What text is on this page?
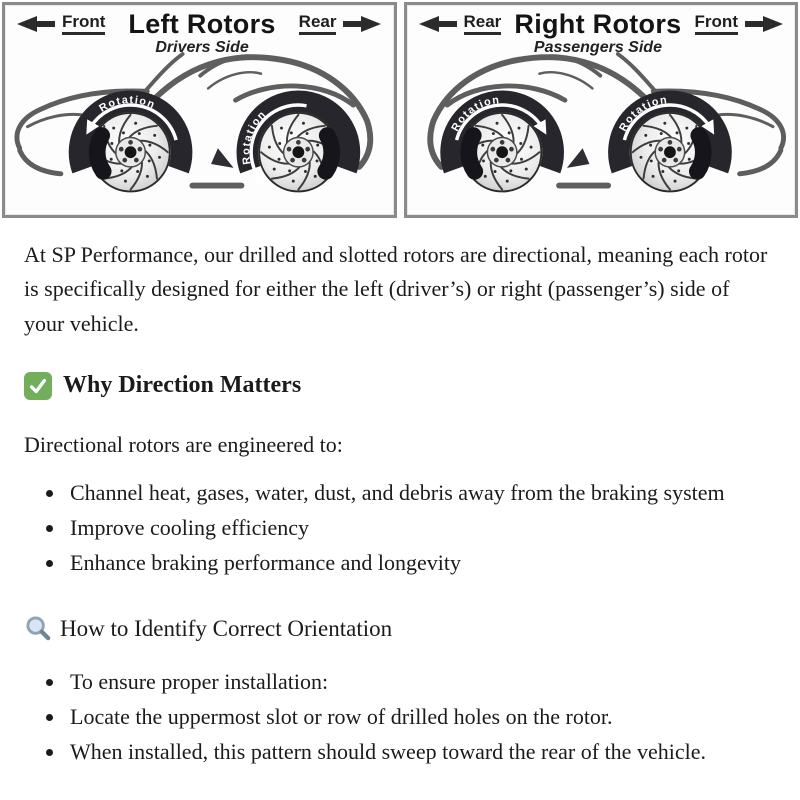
Rotation
Rotation
Front Left Rotors
Drivers Side
Rear
Rotation
Rotation
Rear Right Rotors
Passengers Side
Front

At SP Performance, our drilled and slotted rotors are directional, meaning each rotor is specifically designed for either the left (driver’s) or right (passenger’s) side of your vehicle.

Why Direction Matters

Directional rotors are engineered to:

• Channel heat, gases, water, dust, and debris away from the braking system
• Improve cooling efficiency
• Enhance braking performance and longevity
How to Identify Correct Orientation
• To ensure proper installation:
• Locate the uppermost slot or row of drilled holes on the rotor.
• When installed, this pattern should sweep toward the rear of the vehicle.
